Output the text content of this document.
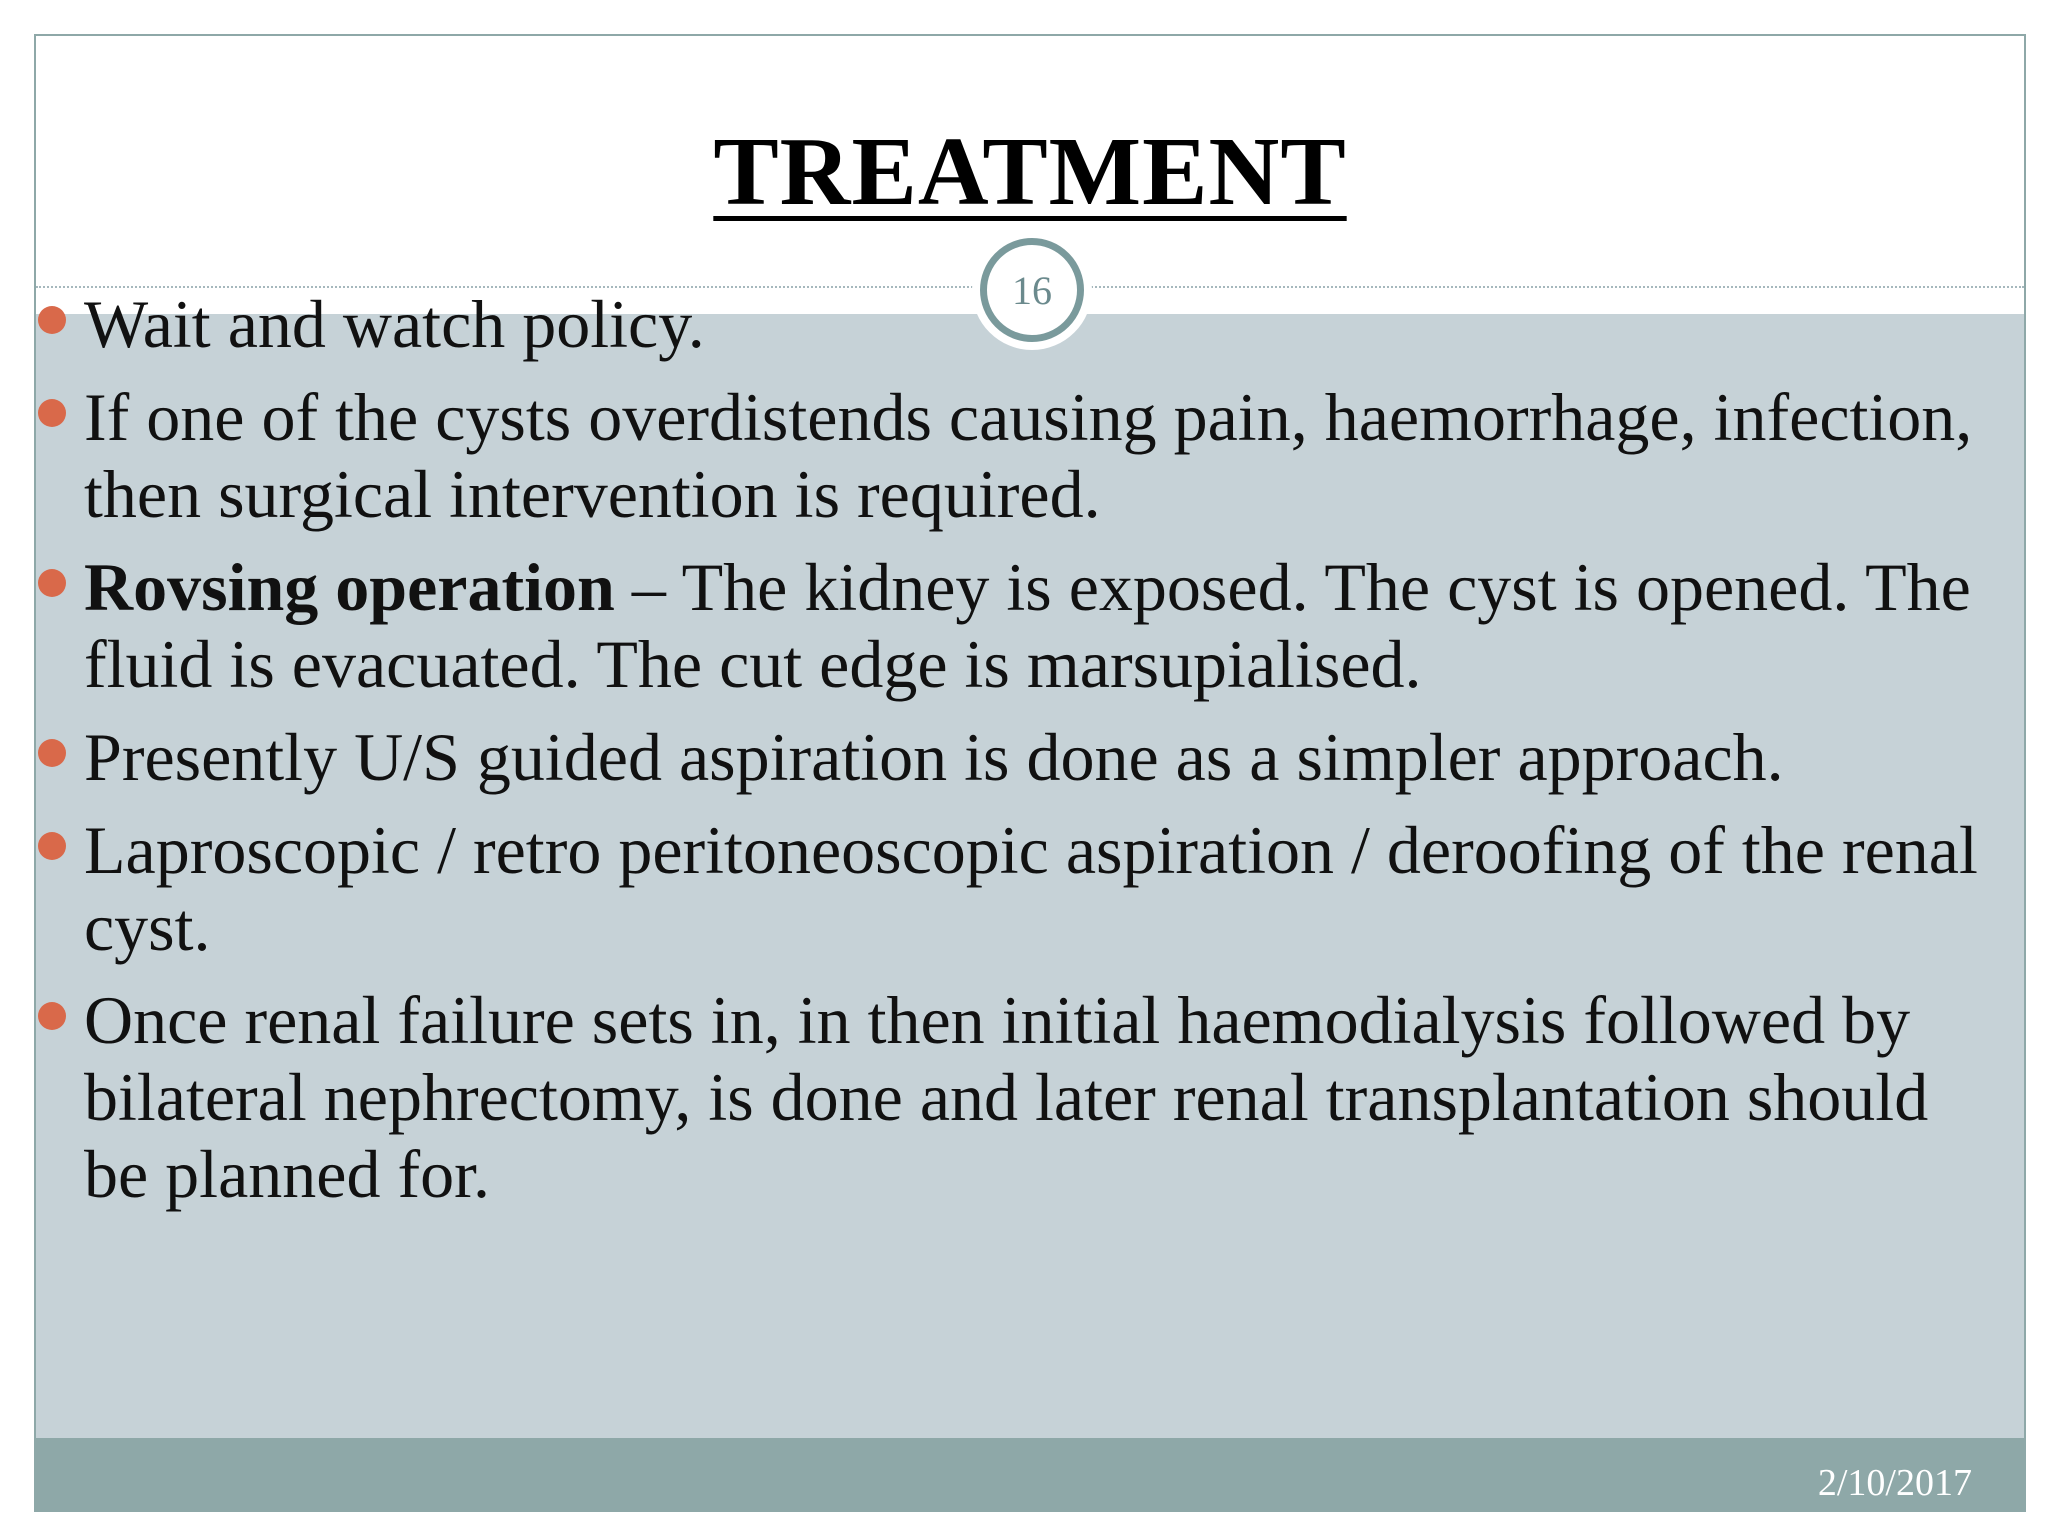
TREATMENT
2/10/2017
Wait and watch policy.
If one of the cysts overdistends causing pain, haemorrhage, infection, then surgical intervention is required.
Rovsing operation – The kidney is exposed. The cyst is opened. The fluid is evacuated. The cut edge is marsupialised.
Presently U/S guided aspiration is done as a simpler approach.
Laproscopic / retro peritoneoscopic aspiration / deroofing of the renal cyst.
Once renal failure sets in, in then initial haemodialysis followed by bilateral nephrectomy, is done and later renal transplantation should be planned for.
16
